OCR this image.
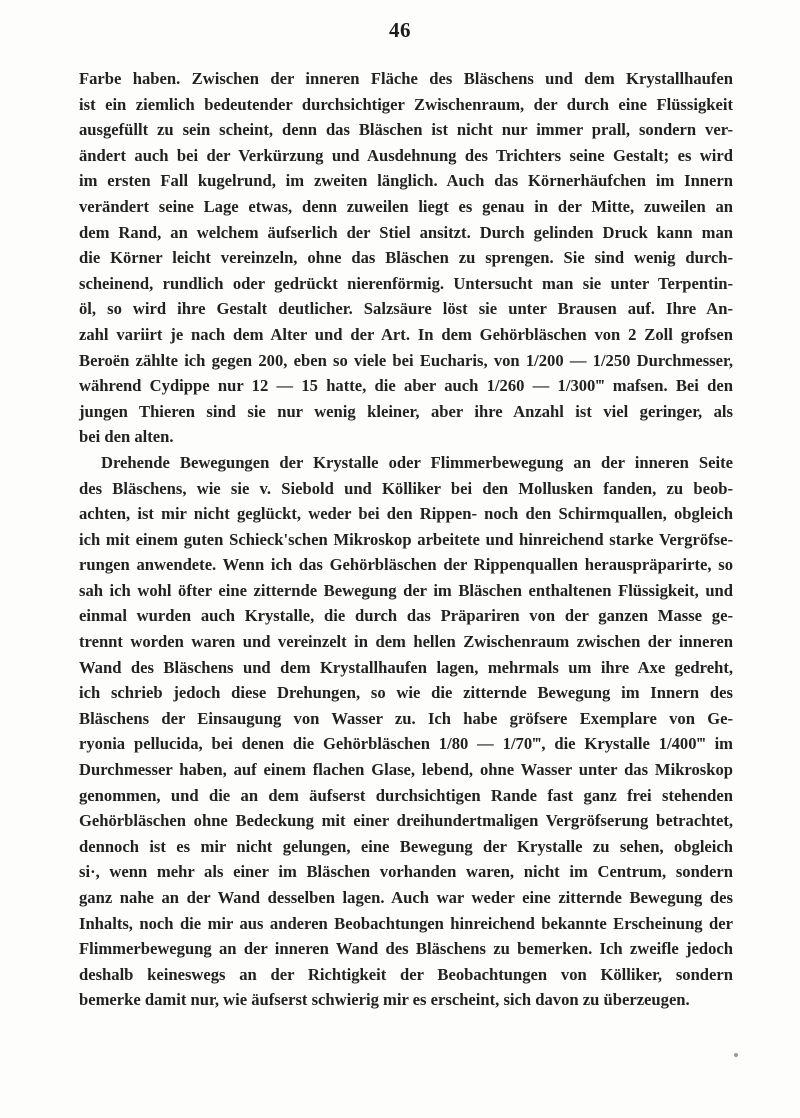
46
Farbe haben. Zwischen der inneren Fläche des Bläschens und dem Krystallhaufen
ist ein ziemlich bedeutender durchsichtiger Zwischenraum, der durch eine Flüssigkeit
ausgefüllt zu sein scheint, denn das Bläschen ist nicht nur immer prall, sondern ver-
ändert auch bei der Verkürzung und Ausdehnung des Trichters seine Gestalt; es wird
im ersten Fall kugelrund, im zweiten länglich. Auch das Körnerhäufchen im Innern
verändert seine Lage etwas, denn zuweilen liegt es genau in der Mitte, zuweilen an
dem Rand, an welchem äufserlich der Stiel ansitzt. Durch gelinden Druck kann man
die Körner leicht vereinzeln, ohne das Bläschen zu sprengen. Sie sind wenig durch-
scheinend, rundlich oder gedrückt nierenförmig. Untersucht man sie unter Terpentin-
öl, so wird ihre Gestalt deutlicher. Salzsäure löst sie unter Brausen auf. Ihre An-
zahl variirt je nach dem Alter und der Art. In dem Gehörbläschen von 2 Zoll grofsen
Beroën zählte ich gegen 200, eben so viele bei Eucharis, von 1/200 — 1/250 Durchmesser,
während Cydippe nur 12 — 15 hatte, die aber auch 1/260 — 1/300‴ mafsen. Bei den
jungen Thieren sind sie nur wenig kleiner, aber ihre Anzahl ist viel geringer, als
bei den alten.
Drehende Bewegungen der Krystalle oder Flimmerbewegung an der inneren Seite
des Bläschens, wie sie v. Siebold und Kölliker bei den Mollusken fanden, zu beob-
achten, ist mir nicht geglückt, weder bei den Rippen- noch den Schirmquallen, obgleich
ich mit einem guten Schieck'schen Mikroskop arbeitete und hinreichend starke Vergröfse-
rungen anwendete. Wenn ich das Gehörbläschen der Rippenquallen herauspräparirte, so
sah ich wohl öfter eine zitternde Bewegung der im Bläschen enthaltenen Flüssigkeit, und
einmal wurden auch Krystalle, die durch das Präpariren von der ganzen Masse ge-
trennt worden waren und vereinzelt in dem hellen Zwischenraum zwischen der inneren
Wand des Bläschens und dem Krystallhaufen lagen, mehrmals um ihre Axe gedreht,
ich schrieb jedoch diese Drehungen, so wie die zitternde Bewegung im Innern des
Bläschens der Einsaugung von Wasser zu. Ich habe gröfsere Exemplare von Ge-
ryonia pellucida, bei denen die Gehörbläschen 1/80 — 1/70‴, die Krystalle 1/400‴ im
Durchmesser haben, auf einem flachen Glase, lebend, ohne Wasser unter das Mikroskop
genommen, und die an dem äufserst durchsichtigen Rande fast ganz frei stehenden
Gehörbläschen ohne Bedeckung mit einer dreihundertmaligen Vergröfserung betrachtet,
dennoch ist es mir nicht gelungen, eine Bewegung der Krystalle zu sehen, obgleich
si·, wenn mehr als einer im Bläschen vorhanden waren, nicht im Centrum, sondern
ganz nahe an der Wand desselben lagen. Auch war weder eine zitternde Bewegung des
Inhalts, noch die mir aus anderen Beobachtungen hinreichend bekannte Erscheinung der
Flimmerbewegung an der inneren Wand des Bläschens zu bemerken. Ich zweifle jedoch
deshalb keineswegs an der Richtigkeit der Beobachtungen von Kölliker, sondern
bemerke damit nur, wie äufserst schwierig mir es erscheint, sich davon zu überzeugen.
